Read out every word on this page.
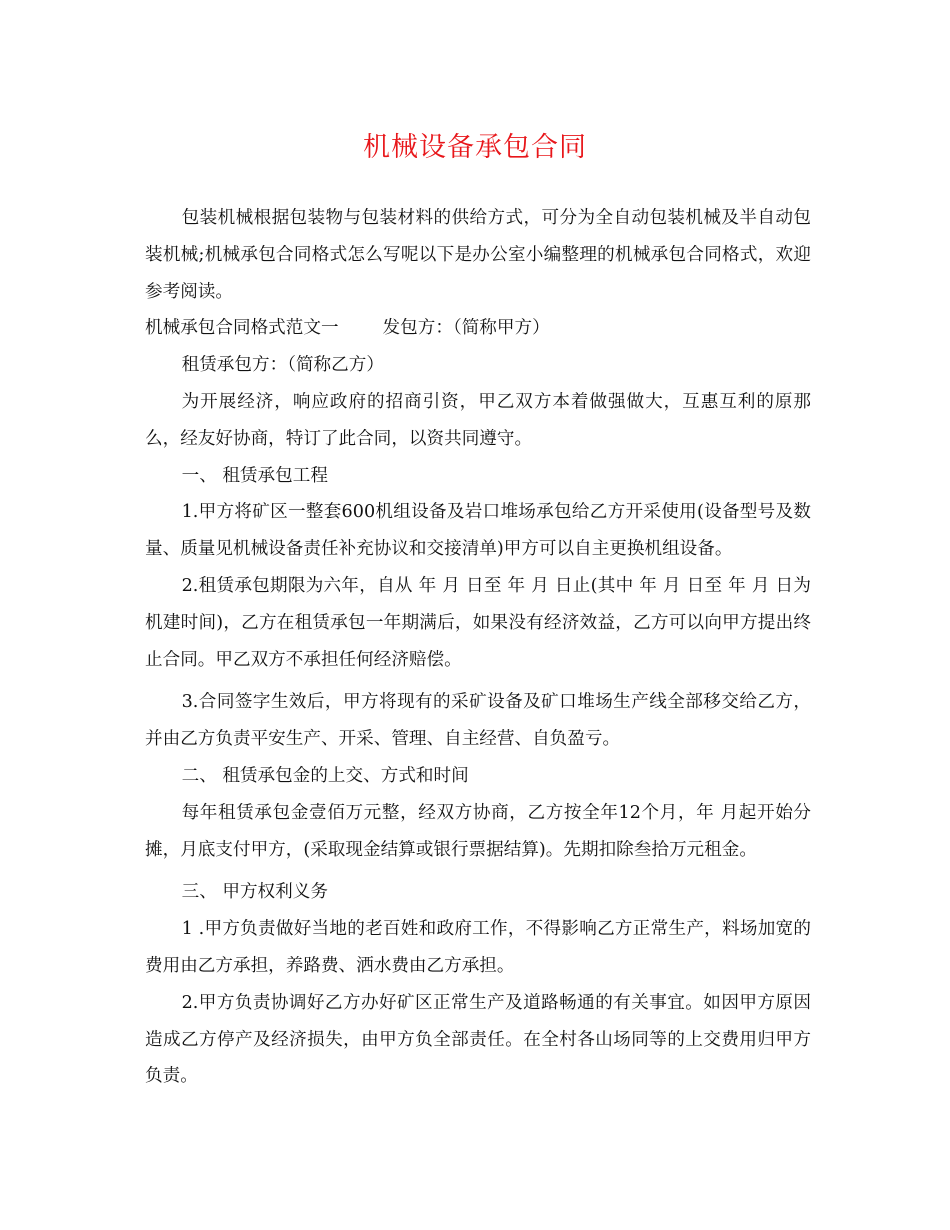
机械设备承包合同

包装机械根据包装物与包装材料的供给方式，可分为全自动包装机械及半自动包装机械;机械承包合同格式怎么写呢以下是办公室小编整理的机械承包合同格式，欢迎参考阅读。

机械承包合同格式范文一	发包方：（简称甲方）

租赁承包方：（简称乙方）

为开展经济，响应政府的招商引资，甲乙双方本着做强做大，互惠互利的原那么，经友好协商，特订了此合同，以资共同遵守。

一、 租赁承包工程

1.甲方将矿区一整套600机组设备及岩口堆场承包给乙方开采使用(设备型号及数量、质量见机械设备责任补充协议和交接清单)甲方可以自主更换机组设备。

2.租赁承包期限为六年，自从 年 月 日至 年 月 日止(其中 年 月 日至 年 月 日为机建时间)，乙方在租赁承包一年期满后，如果没有经济效益，乙方可以向甲方提出终止合同。甲乙双方不承担任何经济赔偿。

3.合同签字生效后，甲方将现有的采矿设备及矿口堆场生产线全部移交给乙方，并由乙方负责平安生产、开采、管理、自主经营、自负盈亏。

二、 租赁承包金的上交、方式和时间

每年租赁承包金壹佰万元整，经双方协商，乙方按全年12个月，年 月起开始分摊，月底支付甲方，(采取现金结算或银行票据结算)。先期扣除叁拾万元租金。

三、 甲方权利义务

1 .甲方负责做好当地的老百姓和政府工作，不得影响乙方正常生产，料场加宽的费用由乙方承担，养路费、洒水费由乙方承担。

2.甲方负责协调好乙方办好矿区正常生产及道路畅通的有关事宜。如因甲方原因造成乙方停产及经济损失，由甲方负全部责任。在全村各山场同等的上交费用归甲方负责。
